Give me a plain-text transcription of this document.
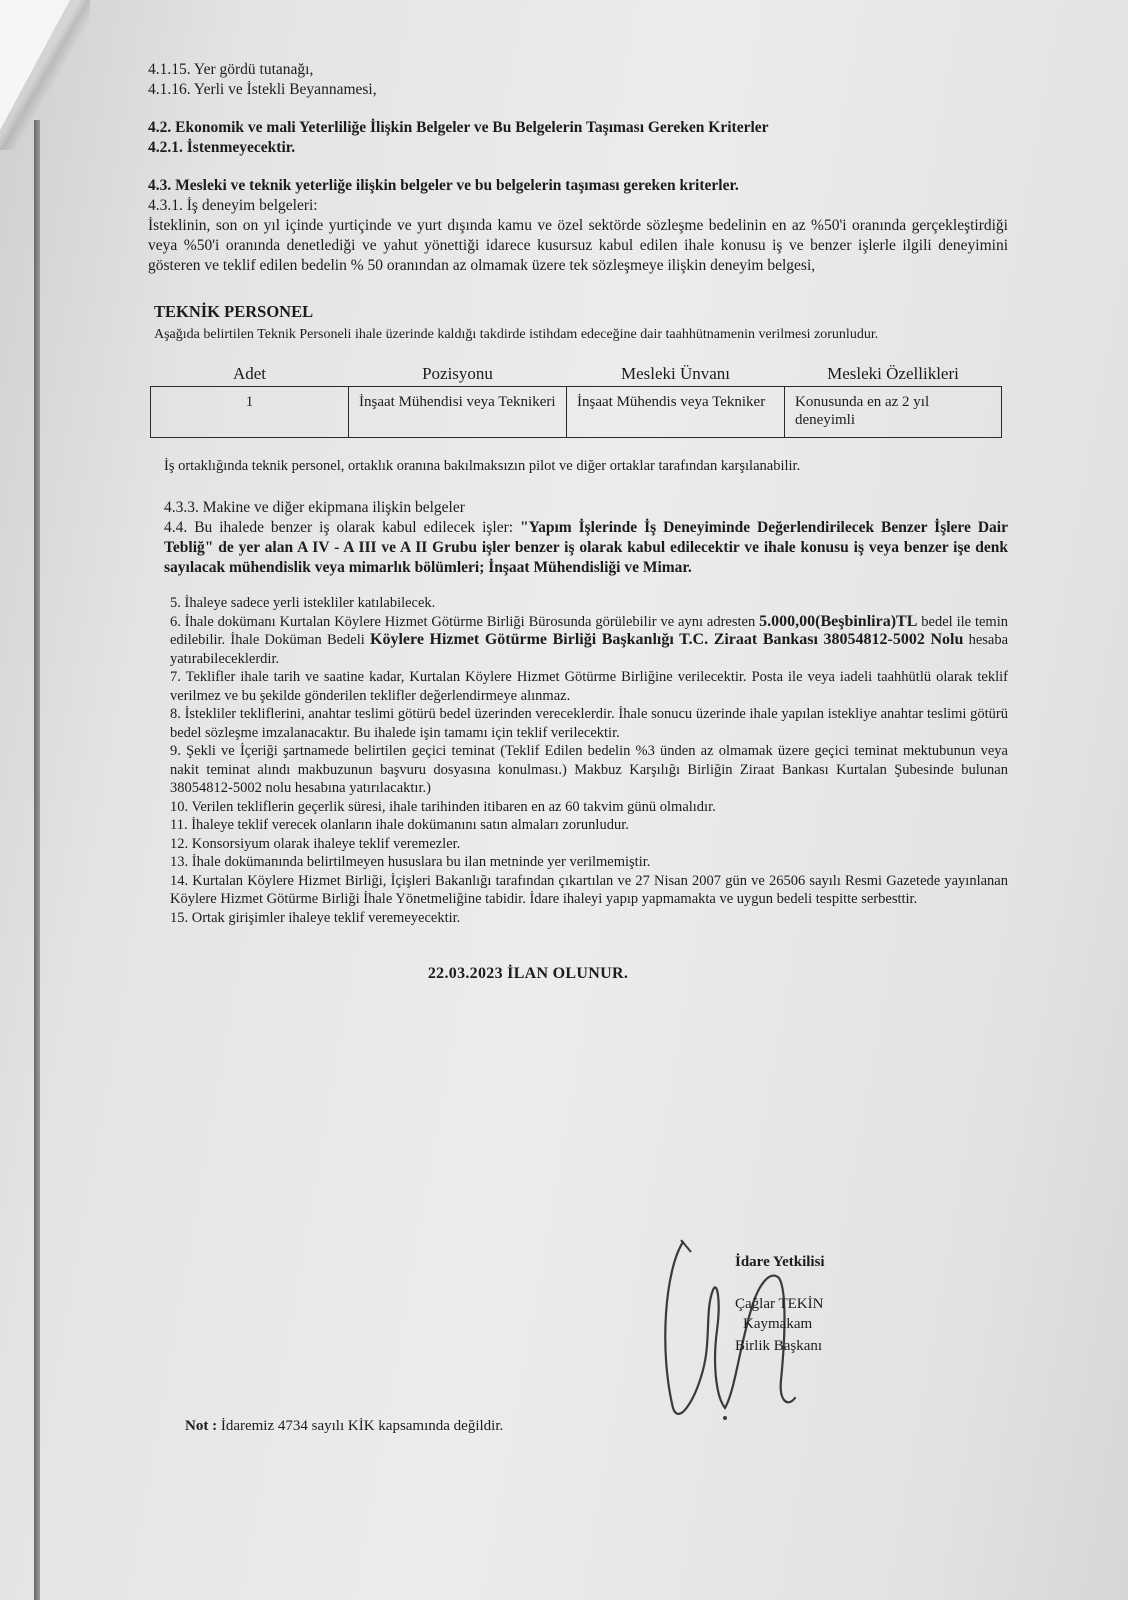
4.1.15. Yer gördü tutanağı,
4.1.16. Yerli ve İstekli Beyannamesi,
4.2. Ekonomik ve mali Yeterliliğe İlişkin Belgeler ve Bu Belgelerin Taşıması Gereken Kriterler
4.2.1. İstenmeyecektir.
4.3. Mesleki ve teknik yeterliğe ilişkin belgeler ve bu belgelerin taşıması gereken kriterler.
4.3.1. İş deneyim belgeleri:
İsteklinin, son on yıl içinde yurtiçinde ve yurt dışında kamu ve özel sektörde sözleşme bedelinin en az %50'i oranında gerçekleştirdiği veya %50'i oranında denetlediği ve yahut yönettiği idarece kusursuz kabul edilen ihale konusu iş ve benzer işlerle ilgili deneyimini gösteren ve teklif edilen bedelin % 50 oranından az olmamak üzere tek sözleşmeye ilişkin deneyim belgesi,
TEKNİK PERSONEL
Aşağıda belirtilen Teknik Personeli ihale üzerinde kaldığı takdirde istihdam edeceğine dair taahhütnamenin verilmesi zorunludur.
Adet	Pozisyonu	Mesleki Ünvanı	Mesleki Özellikleri
1	İnşaat Mühendisi veya Teknikeri	İnşaat Mühendis veya Tekniker	Konusunda en az 2 yıl deneyimli
İş ortaklığında teknik personel, ortaklık oranına bakılmaksızın pilot ve diğer ortaklar tarafından karşılanabilir.
4.3.3. Makine ve diğer ekipmana ilişkin belgeler
4.4. Bu ihalede benzer iş olarak kabul edilecek işler: "Yapım İşlerinde İş Deneyiminde Değerlendirilecek Benzer İşlere Dair Tebliğ" de yer alan A IV - A III ve A II Grubu işler benzer iş olarak kabul edilecektir ve ihale konusu iş veya benzer işe denk sayılacak mühendislik veya mimarlık bölümleri; İnşaat Mühendisliği ve Mimar.
5. İhaleye sadece yerli istekliler katılabilecek.
6. İhale dokümanı Kurtalan Köylere Hizmet Götürme Birliği Bürosunda görülebilir ve aynı adresten 5.000,00(Beşbinlira)TL bedel ile temin edilebilir. İhale Doküman Bedeli Köylere Hizmet Götürme Birliği Başkanlığı T.C. Ziraat Bankası 38054812-5002 Nolu hesaba yatırabileceklerdir.
7. Teklifler ihale tarih ve saatine kadar, Kurtalan Köylere Hizmet Götürme Birliğine verilecektir. Posta ile veya iadeli taahhütlü olarak teklif verilmez ve bu şekilde gönderilen teklifler değerlendirmeye alınmaz.
8. İstekliler tekliflerini, anahtar teslimi götürü bedel üzerinden vereceklerdir. İhale sonucu üzerinde ihale yapılan istekliye anahtar teslimi götürü bedel sözleşme imzalanacaktır. Bu ihalede işin tamamı için teklif verilecektir.
9. Şekli ve İçeriği şartnamede belirtilen geçici teminat (Teklif Edilen bedelin %3 ünden az olmamak üzere geçici teminat mektubunun veya nakit teminat alındı makbuzunun başvuru dosyasına konulması.) Makbuz Karşılığı Birliğin Ziraat Bankası Kurtalan Şubesinde bulunan 38054812-5002 nolu hesabına yatırılacaktır.)
10. Verilen tekliflerin geçerlik süresi, ihale tarihinden itibaren en az 60 takvim günü olmalıdır.
11. İhaleye teklif verecek olanların ihale dokümanını satın almaları zorunludur.
12. Konsorsiyum olarak ihaleye teklif veremezler.
13. İhale dokümanında belirtilmeyen hususlara bu ilan metninde yer verilmemiştir.
14. Kurtalan Köylere Hizmet Birliği, İçişleri Bakanlığı tarafından çıkartılan ve 27 Nisan 2007 gün ve 26506 sayılı Resmi Gazetede yayınlanan Köylere Hizmet Götürme Birliği İhale Yönetmeliğine tabidir. İdare ihaleyi yapıp yapmamakta ve uygun bedeli tespitte serbesttir.
15. Ortak girişimler ihaleye teklif veremeyecektir.
22.03.2023 İLAN OLUNUR.
İdare Yetkilisi
Çağlar TEKİN
Kaymakam
Birlik Başkanı
Not : İdaremiz 4734 sayılı KİK kapsamında değildir.
